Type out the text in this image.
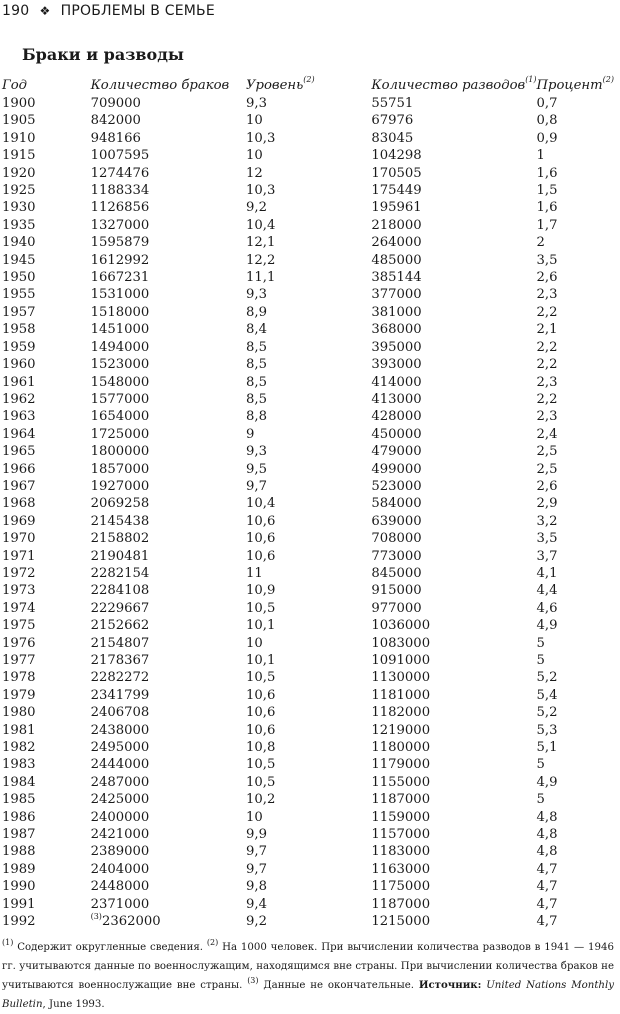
190 ❖ ПРОБЛЕМЫ В СЕМЬЕ
Браки и разводы
Год	Количество браков	Уровень$^{(2)}$	Количество разводов$^{(1)}$	Процент$^{(2)}$
1900	709000	9,3	55751	0,7
1905	842000	10	67976	0,8
1910	948166	10,3	83045	0,9
1915	1007595	10	104298	1
1920	1274476	12	170505	1,6
1925	1188334	10,3	175449	1,5
1930	1126856	9,2	195961	1,6
1935	1327000	10,4	218000	1,7
1940	1595879	12,1	264000	2
1945	1612992	12,2	485000	3,5
1950	1667231	11,1	385144	2,6
1955	1531000	9,3	377000	2,3
1957	1518000	8,9	381000	2,2
1958	1451000	8,4	368000	2,1
1959	1494000	8,5	395000	2,2
1960	1523000	8,5	393000	2,2
1961	1548000	8,5	414000	2,3
1962	1577000	8,5	413000	2,2
1963	1654000	8,8	428000	2,3
1964	1725000	9	450000	2,4
1965	1800000	9,3	479000	2,5
1966	1857000	9,5	499000	2,5
1967	1927000	9,7	523000	2,6
1968	2069258	10,4	584000	2,9
1969	2145438	10,6	639000	3,2
1970	2158802	10,6	708000	3,5
1971	2190481	10,6	773000	3,7
1972	2282154	11	845000	4,1
1973	2284108	10,9	915000	4,4
1974	2229667	10,5	977000	4,6
1975	2152662	10,1	1036000	4,9
1976	2154807	10	1083000	5
1977	2178367	10,1	1091000	5
1978	2282272	10,5	1130000	5,2
1979	2341799	10,6	1181000	5,4
1980	2406708	10,6	1182000	5,2
1981	2438000	10,6	1219000	5,3
1982	2495000	10,8	1180000	5,1
1983	2444000	10,5	1179000	5
1984	2487000	10,5	1155000	4,9
1985	2425000	10,2	1187000	5
1986	2400000	10	1159000	4,8
1987	2421000	9,9	1157000	4,8
1988	2389000	9,7	1183000	4,8
1989	2404000	9,7	1163000	4,7
1990	2448000	9,8	1175000	4,7
1991	2371000	9,4	1187000	4,7
1992	$^{(3)}$2362000	9,2	1215000	4,7
$^{(1)}$ Содержит округленные сведения. $^{(2)}$ На 1000 человек. При вычислении количества разводов в 1941 — 1946 гг. учитываются данные по военнослужащим, находящимся вне страны. При вычислении количества браков не учитываются военнослужащие вне страны. $^{(3)}$ Данные не окончательные. Источник: United Nations Monthly Bulletin, June 1993.
